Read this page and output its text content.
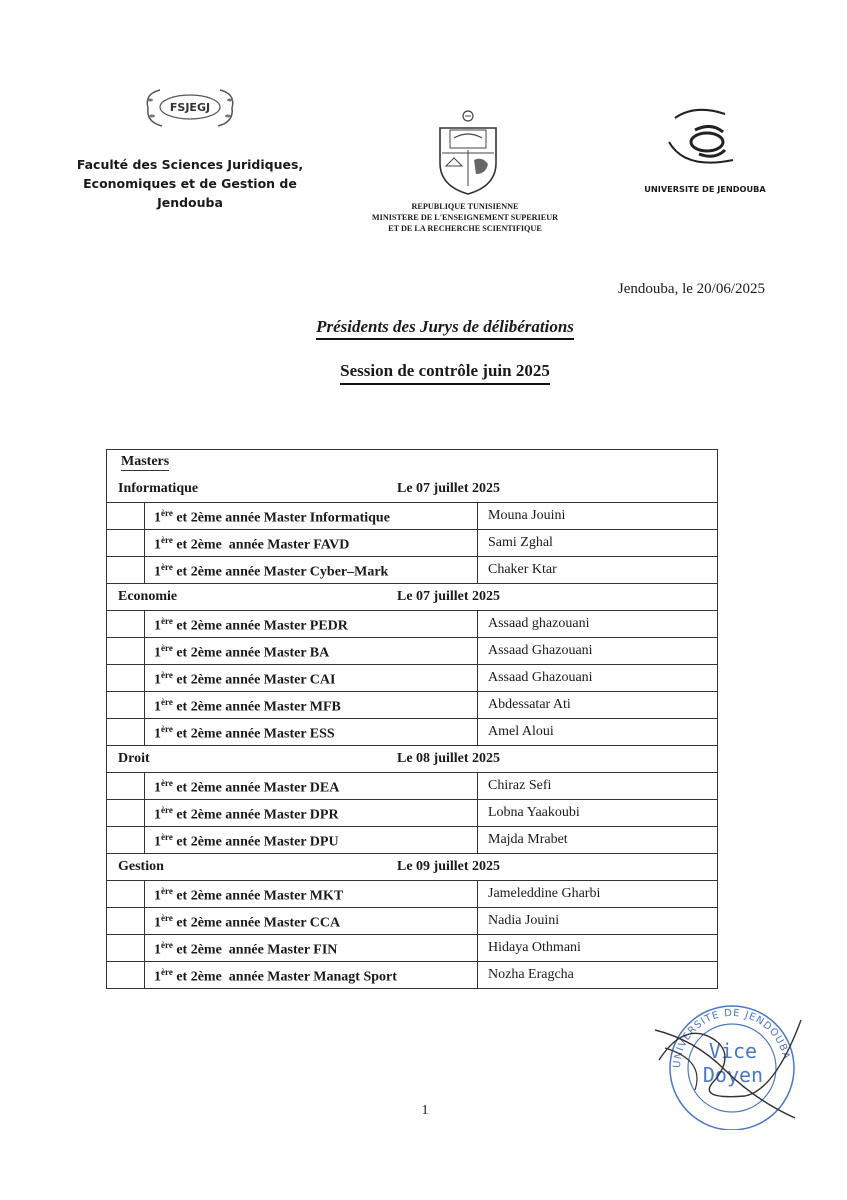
FSJEGJ
Faculté des Sciences Juridiques,
Economiques et de Gestion de Jendouba	REPUBLIQUE TUNISIENNE
MINISTERE DE L'ENSEIGNEMENT SUPERIEUR
ET DE LA RECHERCHE SCIENTIFIQUE
UNIVERSITE DE JENDOUBA
Jendouba, le 20/06/2025
Présidents des Jurys de délibérations
Session de contrôle juin 2025
Masters
Informatique	Le 07 juillet 2025
1ère et 2ème année Master Informatique	Mouna Jouini
1ère et 2ème  année Master FAVD	Sami Zghal
1ère et 2ème année Master Cyber–Mark	Chaker Ktar
Economie	Le 07 juillet 2025
1ère et 2ème année Master PEDR	Assaad ghazouani
1ère et 2ème année Master BA	Assaad Ghazouani
1ère et 2ème année Master CAI	Assaad Ghazouani
1ère et 2ème année Master MFB	Abdessatar Ati
1ère et 2ème année Master ESS	Amel Aloui
Droit	Le 08 juillet 2025
1ère et 2ème année Master DEA	Chiraz Sefi
1ère et 2ème année Master DPR	Lobna Yaakoubi
1ère et 2ème année Master DPU	Majda Mrabet
Gestion	Le 09 juillet 2025
1ère et 2ème année Master MKT	Jameleddine Gharbi
1ère et 2ème année Master CCA	Nadia Jouini
1ère et 2ème  année Master FIN	Hidaya Othmani
1ère et 2ème  année Master Managt Sport	Nozha Eragcha
1
UNIVERSITE DE JENDOUBA
Vice
Doyen
